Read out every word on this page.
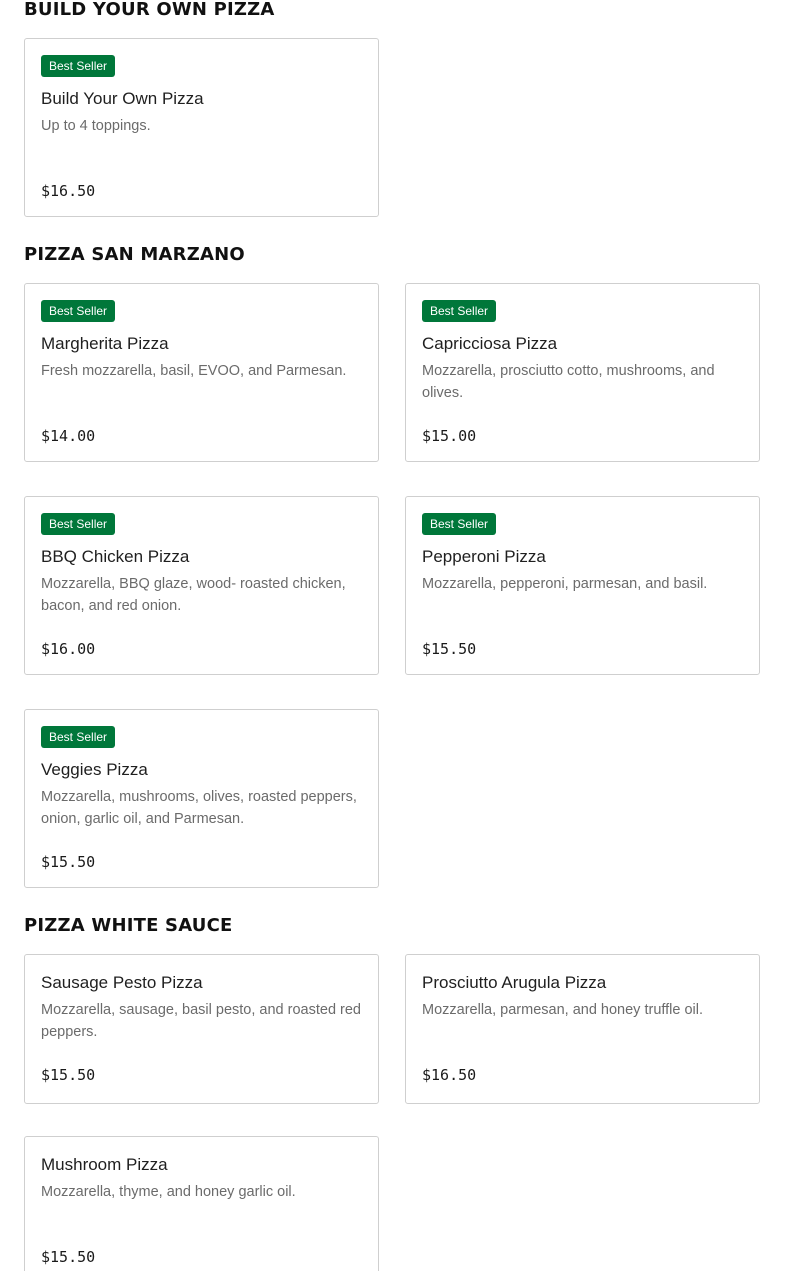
BUILD YOUR OWN PIZZA
Best Seller
Build Your Own Pizza
Up to 4 toppings.
$16.50
PIZZA SAN MARZANO
Best Seller
Margherita Pizza
Fresh mozzarella, basil, EVOO, and Parmesan.
$14.00
Best Seller
Capricciosa Pizza
Mozzarella, prosciutto cotto, mushrooms, and olives.
$15.00
Best Seller
BBQ Chicken Pizza
Mozzarella, BBQ glaze, wood- roasted chicken, bacon, and red onion.
$16.00
Best Seller
Pepperoni Pizza
Mozzarella, pepperoni, parmesan, and basil.
$15.50
Best Seller
Veggies Pizza
Mozzarella, mushrooms, olives, roasted peppers, onion, garlic oil, and Parmesan.
$15.50
PIZZA WHITE SAUCE
Sausage Pesto Pizza
Mozzarella, sausage, basil pesto, and roasted red peppers.
$15.50
Prosciutto Arugula Pizza
Mozzarella, parmesan, and honey truffle oil.
$16.50
Mushroom Pizza
Mozzarella, thyme, and honey garlic oil.
$15.50
